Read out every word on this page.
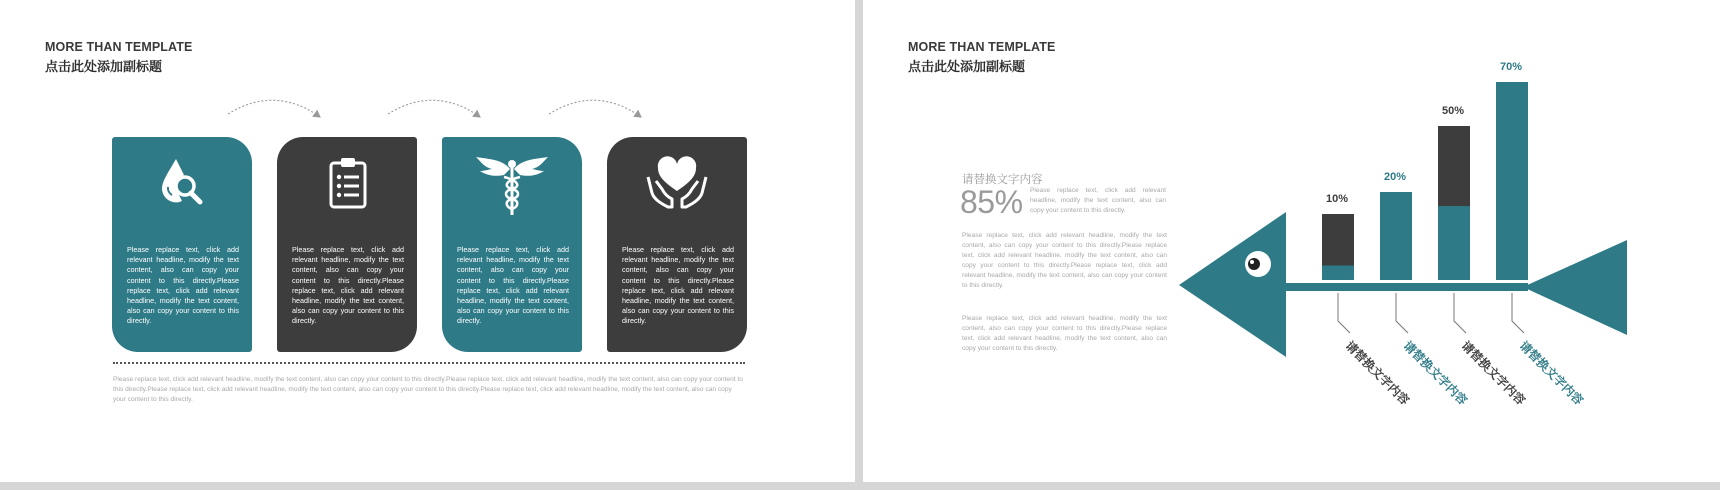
MORE THAN TEMPLATE
点击此处添加副标题
Please replace text, click add relevant headline, modify the text content, also can copy your content to this directly.Please replace text, click add relevant headline, modify the text content, also can copy your content to this directly.
Please replace text, click add relevant headline, modify the text content, also can copy your content to this directly.Please replace text, click add relevant headline, modify the text content, also can copy your content to this directly.
Please replace text, click add relevant headline, modify the text content, also can copy your content to this directly.Please replace text, click add relevant headline, modify the text content, also can copy your content to this directly.
Please replace text, click add relevant headline, modify the text content, also can copy your content to this directly.Please replace text, click add relevant headline, modify the text content, also can copy your content to this directly.
Please replace text, click add relevant headline, modify the text content, also can copy your content to this directly.Please replace text, click add relevant headline, modify the text content, also can copy your content to this directly.Please replace text, click add relevant headline, modify the text content, also can copy your content to this directly.Please replace text, click add relevant headline, modify the text content, also can copy your content to this directly.
MORE THAN TEMPLATE
点击此处添加副标题
请替换文字内容
85% Please replace text, click add relevant headline, modify the text content, also can copy your content to this directly.
Please replace text, click add relevant headline, modify the text content, also can copy your content to this directly.Please replace text, click add relevant headline, modify the text content, also can copy your content to this directly.Please replace text, click add relevant headline, modify the text content, also can copy your content to this directly.
Please replace text, click add relevant headline, modify the text content, also can copy your content to this directly.Please replace text, click add relevant headline, modify the text content, also can copy your content to this directly.
10%
请替换文字内容
20%
请替换文字内容
50%
请替换文字内容
70%
请替换文字内容
